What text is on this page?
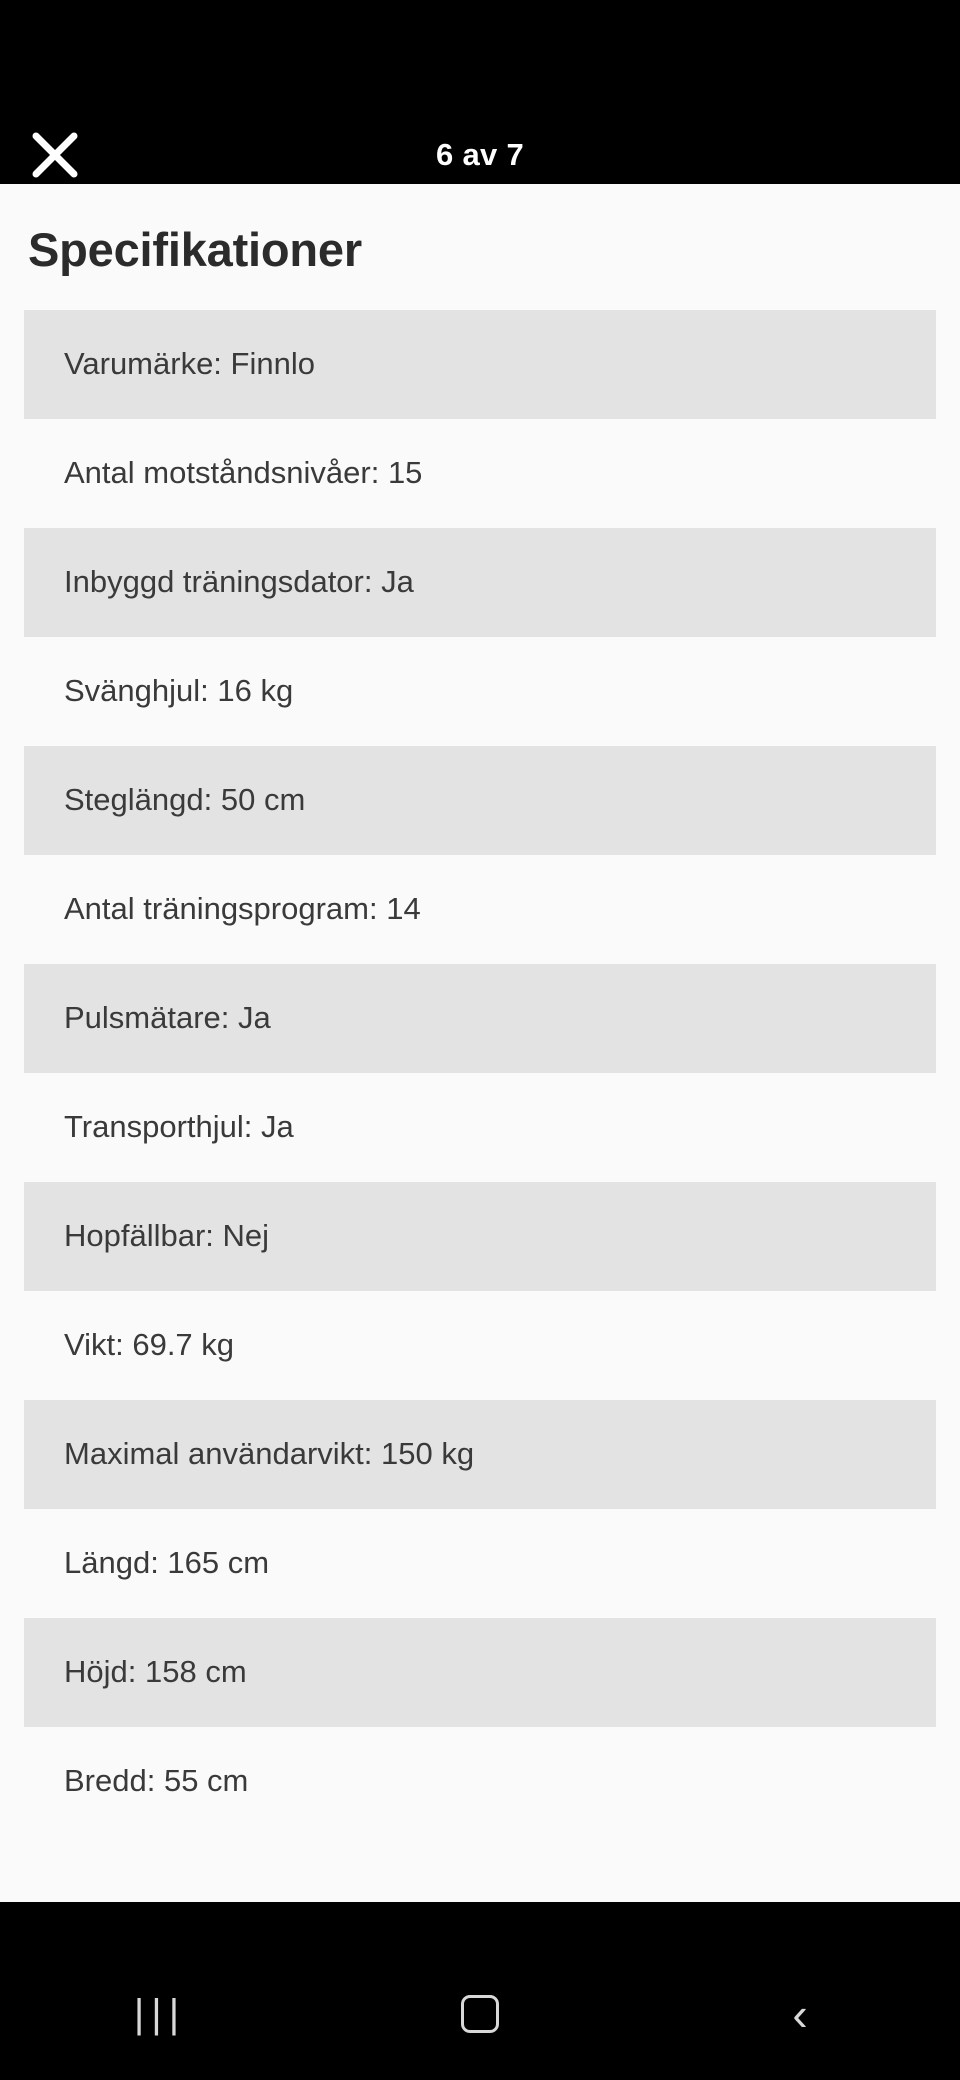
6 av 7
Specifikationer
Varumärke: Finnlo
Antal motståndsnivåer: 15
Inbyggd träningsdator: Ja
Svänghjul: 16 kg
Steglängd: 50 cm
Antal träningsprogram: 14
Pulsmätare: Ja
Transporthjul: Ja
Hopfällbar: Nej
Vikt: 69.7 kg
Maximal användarvikt: 150 kg
Längd: 165 cm
Höjd: 158 cm
Bredd: 55 cm
|||	‹
